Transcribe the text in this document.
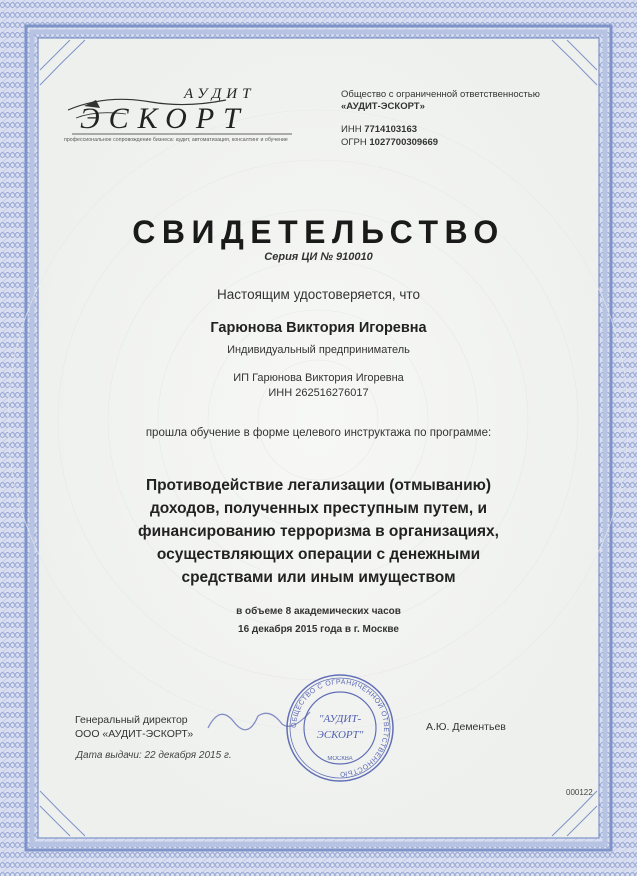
АУДИТ
ЭСКОРТ
профессиональное сопровождение бизнеса: аудит, автоматизация, консалтинг и обучение
Общество с ограниченной ответственностью
«АУДИТ-ЭСКОРТ»
ИНН 7714103163
ОГРН 1027700309669
СВИДЕТЕЛЬСТВО
Серия ЦИ № 910010
Настоящим удостоверяется, что
Гарюнова Виктория Игоревна
Индивидуальный предприниматель
ИП Гарюнова Виктория Игоревна
ИНН 262516276017
прошла обучение в форме целевого инструктажа по программе:
Противодействие легализации (отмыванию)
доходов, полученных преступным путем, и
финансированию терроризма в организациях,
осуществляющих операции с денежными
средствами или иным имуществом
в объеме 8 академических часов
16 декабря 2015 года в г. Москве
Генеральный директор
ООО «АУДИТ-ЭСКОРТ»
ОБЩЕСТВО С ОГРАНИЧЕННОЙ ОТВЕТСТВЕННОСТЬЮ
"АУДИТ-
ЭСКОРТ"
МОСКВА
А.Ю. Дементьев
Дата выдачи: 22 декабря 2015 г.
000122
